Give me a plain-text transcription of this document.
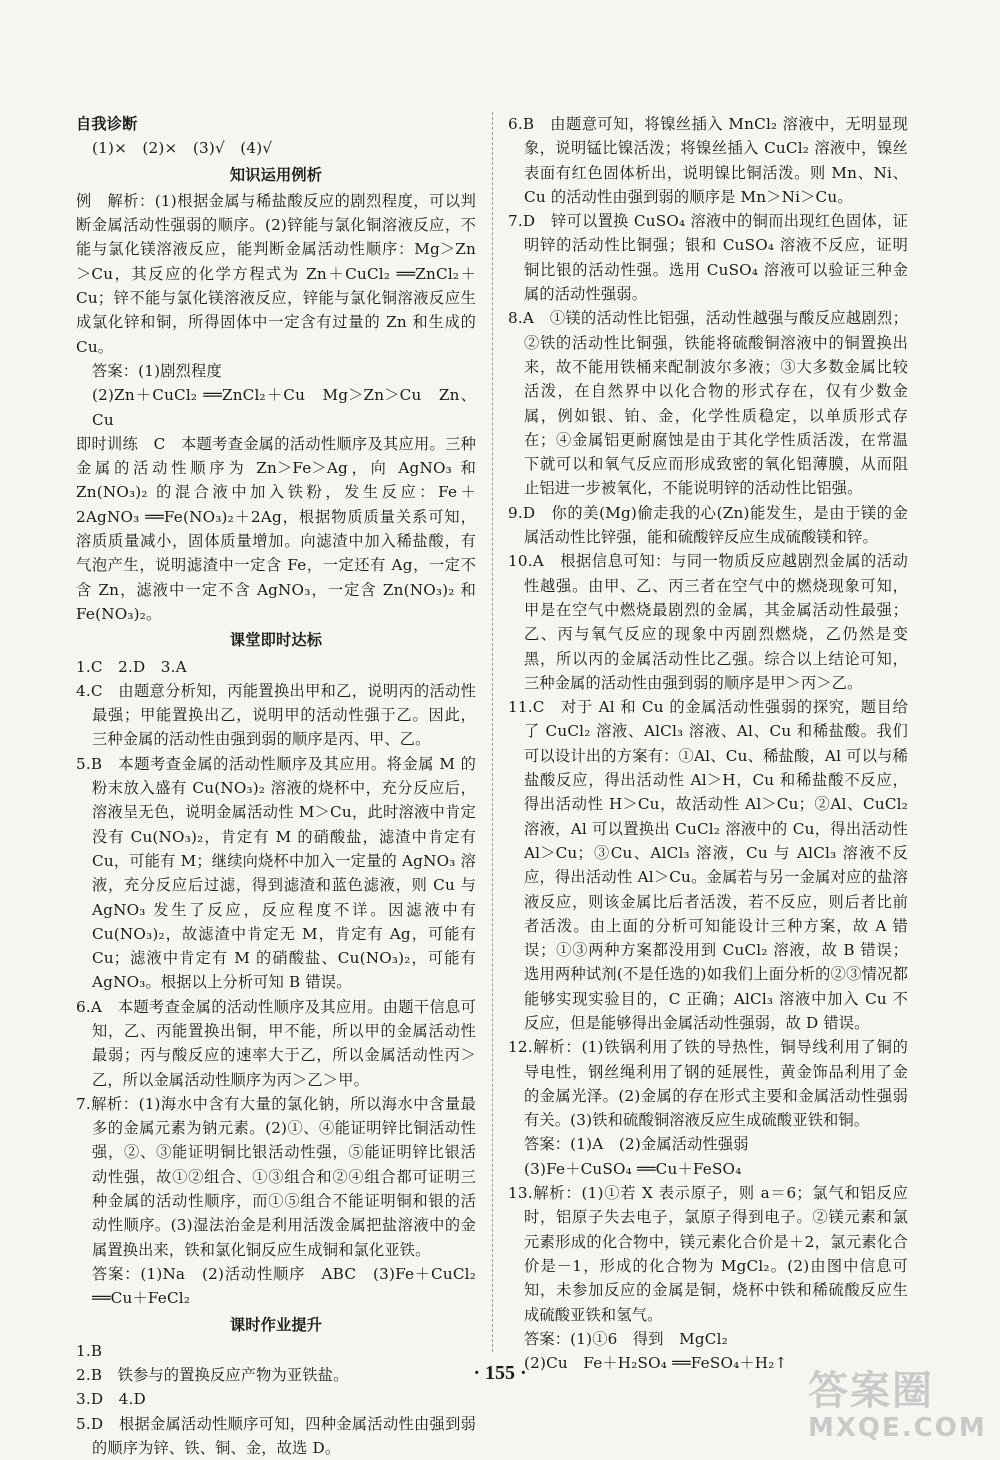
自我诊断

(1)×　(2)×　(3)√　(4)√

知识运用例析

例　解析：(1)根据金属与稀盐酸反应的剧烈程度，可以判断金属活动性强弱的顺序。(2)锌能与氯化铜溶液反应，不能与氯化镁溶液反应，能判断金属活动性顺序：Mg＞Zn＞Cu，其反应的化学方程式为 Zn＋CuCl₂ ══ZnCl₂＋Cu；锌不能与氯化镁溶液反应，锌能与氯化铜溶液反应生成氯化锌和铜，所得固体中一定含有过量的 Zn 和生成的 Cu。

答案：(1)剧烈程度

(2)Zn＋CuCl₂ ══ZnCl₂＋Cu　Mg＞Zn＞Cu　Zn、Cu

即时训练　C　本题考查金属的活动性顺序及其应用。三种金属的活动性顺序为 Zn＞Fe＞Ag，向 AgNO₃ 和 Zn(NO₃)₂ 的混合液中加入铁粉，发生反应：Fe＋2AgNO₃ ══Fe(NO₃)₂＋2Ag，根据物质质量关系可知，溶质质量减小，固体质量增加。向滤渣中加入稀盐酸，有气泡产生，说明滤渣中一定含 Fe，一定还有 Ag，一定不含 Zn，滤液中一定不含 AgNO₃，一定含 Zn(NO₃)₂ 和 Fe(NO₃)₂。

课堂即时达标

1.C　2.D　3.A

4.C　由题意分析知，丙能置换出甲和乙，说明丙的活动性最强；甲能置换出乙，说明甲的活动性强于乙。因此，三种金属的活动性由强到弱的顺序是丙、甲、乙。

5.B　本题考查金属的活动性顺序及其应用。将金属 M 的粉末放入盛有 Cu(NO₃)₂ 溶液的烧杯中，充分反应后，溶液呈无色，说明金属活动性 M＞Cu，此时溶液中肯定没有 Cu(NO₃)₂，肯定有 M 的硝酸盐，滤渣中肯定有 Cu，可能有 M；继续向烧杯中加入一定量的 AgNO₃ 溶液，充分反应后过滤，得到滤渣和蓝色滤液，则 Cu 与 AgNO₃ 发生了反应，反应程度不详。因滤液中有 Cu(NO₃)₂，故滤渣中肯定无 M，肯定有 Ag，可能有 Cu；滤液中肯定有 M 的硝酸盐、Cu(NO₃)₂，可能有 AgNO₃。根据以上分析可知 B 错误。

6.A　本题考查金属的活动性顺序及其应用。由题干信息可知，乙、丙能置换出铜，甲不能，所以甲的金属活动性最弱；丙与酸反应的速率大于乙，所以金属活动性丙＞乙，所以金属活动性顺序为丙＞乙＞甲。

7.解析：(1)海水中含有大量的氯化钠，所以海水中含量最多的金属元素为钠元素。(2)①、④能证明锌比铜活动性强，②、③能证明铜比银活动性强，⑤能证明锌比银活动性强，故①②组合、①③组合和②④组合都可证明三种金属的活动性顺序，而①⑤组合不能证明铜和银的活动性顺序。(3)湿法治金是利用活泼金属把盐溶液中的金属置换出来，铁和氯化铜反应生成铜和氯化亚铁。

答案：(1)Na　(2)活动性顺序　ABC　(3)Fe＋CuCl₂ ══Cu＋FeCl₂

课时作业提升

1.B

2.B　铁参与的置换反应产物为亚铁盐。

3.D　4.D

5.D　根据金属活动性顺序可知，四种金属活动性由强到弱的顺序为锌、铁、铜、金，故选 D。

6.B　由题意可知，将镍丝插入 MnCl₂ 溶液中，无明显现象，说明锰比镍活泼；将镍丝插入 CuCl₂ 溶液中，镍丝表面有红色固体析出，说明镍比铜活泼。则 Mn、Ni、Cu 的活动性由强到弱的顺序是 Mn＞Ni＞Cu。

7.D　锌可以置换 CuSO₄ 溶液中的铜而出现红色固体，证明锌的活动性比铜强；银和 CuSO₄ 溶液不反应，证明铜比银的活动性强。选用 CuSO₄ 溶液可以验证三种金属的活动性强弱。

8.A　①镁的活动性比铝强，活动性越强与酸反应越剧烈；②铁的活动性比铜强，铁能将硫酸铜溶液中的铜置换出来，故不能用铁桶来配制波尔多液；③大多数金属比较活泼，在自然界中以化合物的形式存在，仅有少数金属，例如银、铂、金，化学性质稳定，以单质形式存在；④金属铝更耐腐蚀是由于其化学性质活泼，在常温下就可以和氧气反应而形成致密的氧化铝薄膜，从而阻止铝进一步被氧化，不能说明锌的活动性比铝强。

9.D　你的美(Mg)偷走我的心(Zn)能发生，是由于镁的金属活动性比锌强，能和硫酸锌反应生成硫酸镁和锌。

10.A　根据信息可知：与同一物质反应越剧烈金属的活动性越强。由甲、乙、丙三者在空气中的燃烧现象可知，甲是在空气中燃烧最剧烈的金属，其金属活动性最强；乙、丙与氧气反应的现象中丙剧烈燃烧，乙仍然是变黑，所以丙的金属活动性比乙强。综合以上结论可知，三种金属的活动性由强到弱的顺序是甲＞丙＞乙。

11.C　对于 Al 和 Cu 的金属活动性强弱的探究，题目给了 CuCl₂ 溶液、AlCl₃ 溶液、Al、Cu 和稀盐酸。我们可以设计出的方案有：①Al、Cu、稀盐酸，Al 可以与稀盐酸反应，得出活动性 Al＞H，Cu 和稀盐酸不反应，得出活动性 H＞Cu，故活动性 Al＞Cu；②Al、CuCl₂ 溶液，Al 可以置换出 CuCl₂ 溶液中的 Cu，得出活动性 Al＞Cu；③Cu、AlCl₃ 溶液，Cu 与 AlCl₃ 溶液不反应，得出活动性 Al＞Cu。金属若与另一金属对应的盐溶液反应，则该金属比后者活泼，若不反应，则后者比前者活泼。由上面的分析可知能设计三种方案，故 A 错误；①③两种方案都没用到 CuCl₂ 溶液，故 B 错误；选用两种试剂(不是任选的)如我们上面分析的②③情况都能够实现实验目的，C 正确；AlCl₃ 溶液中加入 Cu 不反应，但是能够得出金属活动性强弱，故 D 错误。

12.解析：(1)铁锅利用了铁的导热性，铜导线利用了铜的导电性，钢丝绳利用了钢的延展性，黄金饰品利用了金的金属光泽。(2)金属的存在形式主要和金属活动性强弱有关。(3)铁和硫酸铜溶液反应生成硫酸亚铁和铜。

答案：(1)A　(2)金属活动性强弱

(3)Fe＋CuSO₄ ══Cu＋FeSO₄

13.解析：(1)①若 X 表示原子，则 a＝6；氯气和铝反应时，铝原子失去电子，氯原子得到电子。②镁元素和氯元素形成的化合物中，镁元素化合价是＋2，氯元素化合价是－1，形成的化合物为 MgCl₂。(2)由图中信息可知，未参加反应的金属是铜，烧杯中铁和稀硫酸反应生成硫酸亚铁和氢气。

答案：(1)①6　得到　MgCl₂

(2)Cu　Fe＋H₂SO₄ ══FeSO₄＋H₂↑

· 155 ·	答案圈
MXQE.COM
